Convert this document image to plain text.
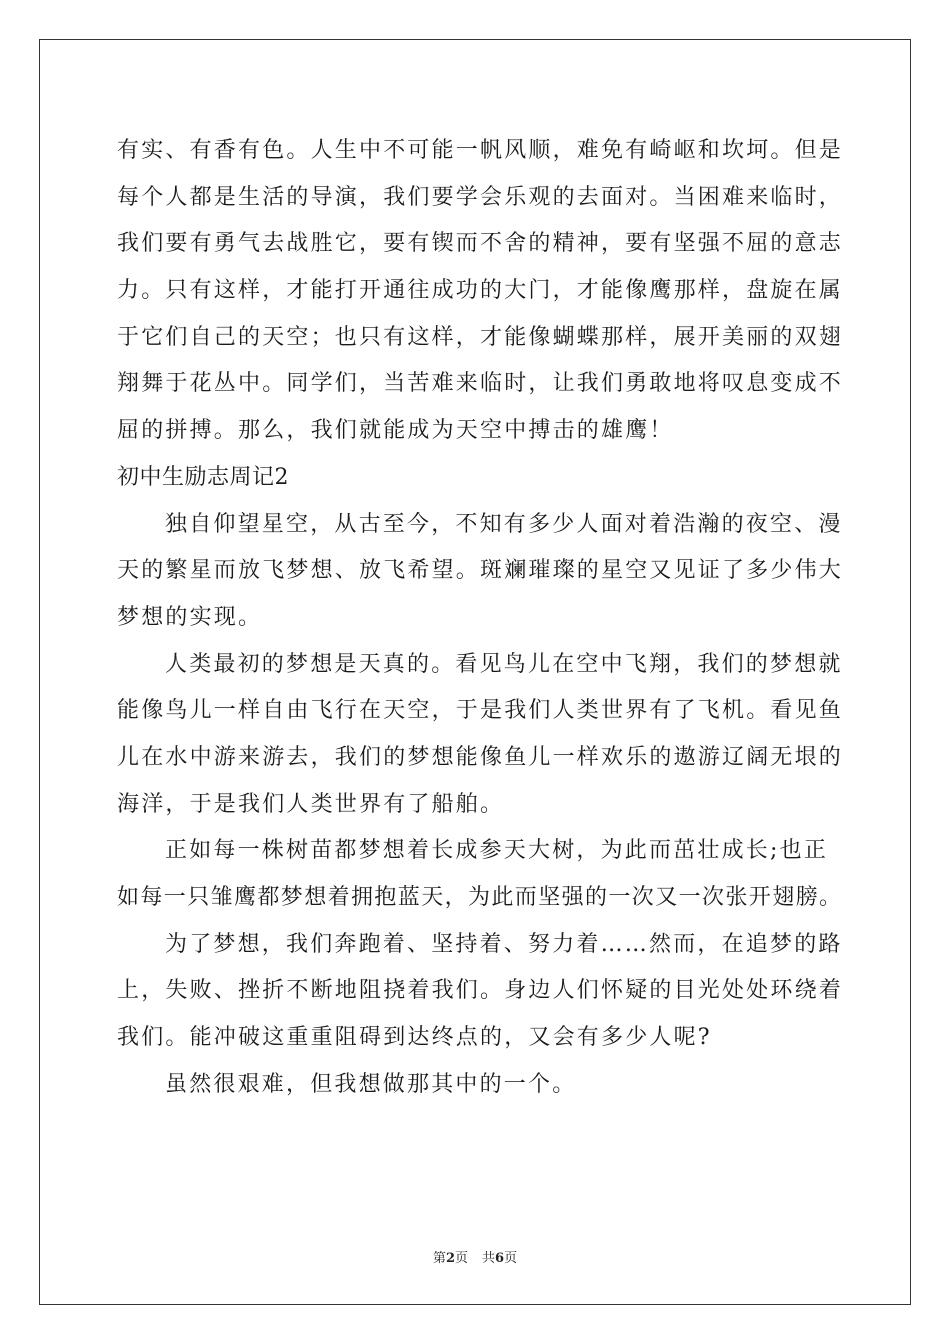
有实、有香有色。人生中不可能一帆风顺，难免有崎岖和坎坷。但是
每个人都是生活的导演，我们要学会乐观的去面对。当困难来临时，
我们要有勇气去战胜它，要有锲而不舍的精神，要有坚强不屈的意志
力。只有这样，才能打开通往成功的大门，才能像鹰那样，盘旋在属
于它们自己的天空；也只有这样，才能像蝴蝶那样，展开美丽的双翅
翔舞于花丛中。同学们，当苦难来临时，让我们勇敢地将叹息变成不
屈的拼搏。那么，我们就能成为天空中搏击的雄鹰！
初中生励志周记2
独自仰望星空，从古至今，不知有多少人面对着浩瀚的夜空、漫
天的繁星而放飞梦想、放飞希望。斑斓璀璨的星空又见证了多少伟大
梦想的实现。
人类最初的梦想是天真的。看见鸟儿在空中飞翔，我们的梦想就
能像鸟儿一样自由飞行在天空，于是我们人类世界有了飞机。看见鱼
儿在水中游来游去，我们的梦想能像鱼儿一样欢乐的遨游辽阔无垠的
海洋，于是我们人类世界有了船舶。
正如每一株树苗都梦想着长成参天大树，为此而茁壮成长;也正
如每一只雏鹰都梦想着拥抱蓝天，为此而坚强的一次又一次张开翅膀。
为了梦想，我们奔跑着、坚持着、努力着……然而，在追梦的路
上，失败、挫折不断地阻挠着我们。身边人们怀疑的目光处处环绕着
我们。能冲破这重重阻碍到达终点的，又会有多少人呢?
虽然很艰难，但我想做那其中的一个。
第2页 共6页
